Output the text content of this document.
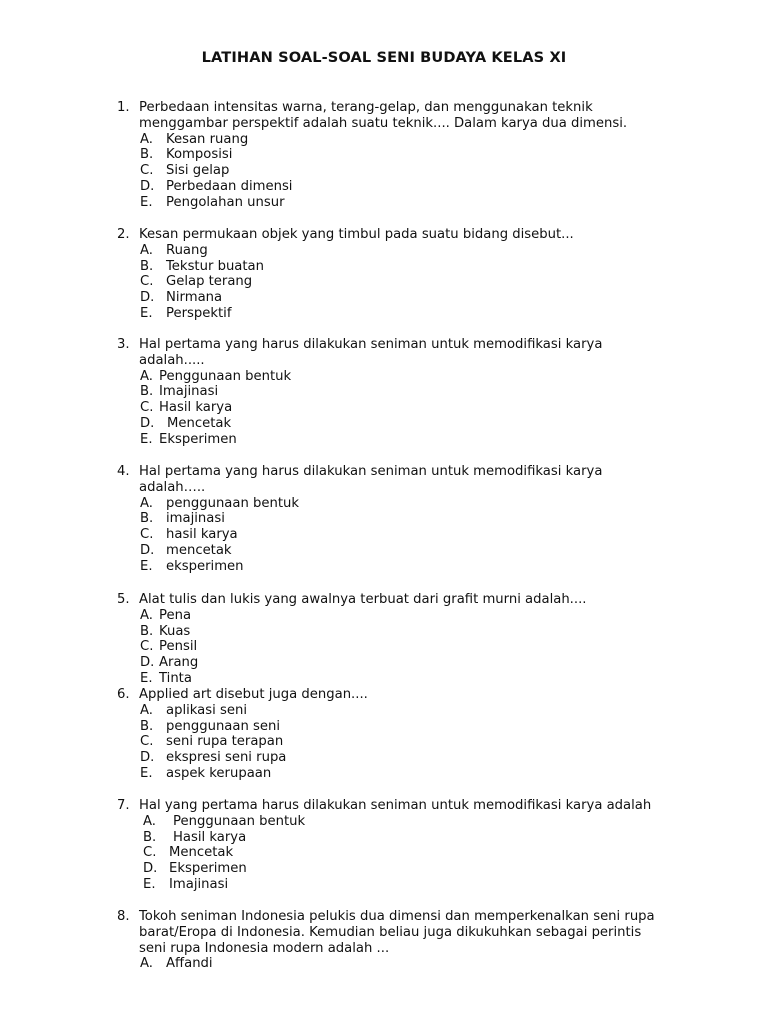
LATIHAN SOAL-SOAL SENI BUDAYA KELAS XI
1. Perbedaan intensitas warna, terang-gelap, dan menggunakan teknik
menggambar perspektif adalah suatu teknik.... Dalam karya dua dimensi.
A. Kesan ruang
B. Komposisi
C. Sisi gelap
D. Perbedaan dimensi
E. Pengolahan unsur
2. Kesan permukaan objek yang timbul pada suatu bidang disebut...
A. Ruang
B. Tekstur buatan
C. Gelap terang
D. Nirmana
E. Perspektif
3. Hal pertama yang harus dilakukan seniman untuk memodifikasi karya
adalah.....
A. Penggunaan bentuk
B. Imajinasi
C. Hasil karya
D. Mencetak
E. Eksperimen
4. Hal pertama yang harus dilakukan seniman untuk memodifikasi karya
adalah…..
A. penggunaan bentuk
B. imajinasi
C. hasil karya
D. mencetak
E. eksperimen
5. Alat tulis dan lukis yang awalnya terbuat dari grafit murni adalah....
A. Pena
B. Kuas
C. Pensil
D. Arang
E. Tinta
6. Applied art disebut juga dengan....
A. aplikasi seni
B. penggunaan seni
C. seni rupa terapan
D. ekspresi seni rupa
E. aspek kerupaan
7. Hal yang pertama harus dilakukan seniman untuk memodifikasi karya adalah
A. Penggunaan bentuk
B. Hasil karya
C. Mencetak
D. Eksperimen
E. Imajinasi
8. Tokoh seniman Indonesia pelukis dua dimensi dan memperkenalkan seni rupa
barat/Eropa di Indonesia. Kemudian beliau juga dikukuhkan sebagai perintis
seni rupa Indonesia modern adalah ...
A. Affandi
